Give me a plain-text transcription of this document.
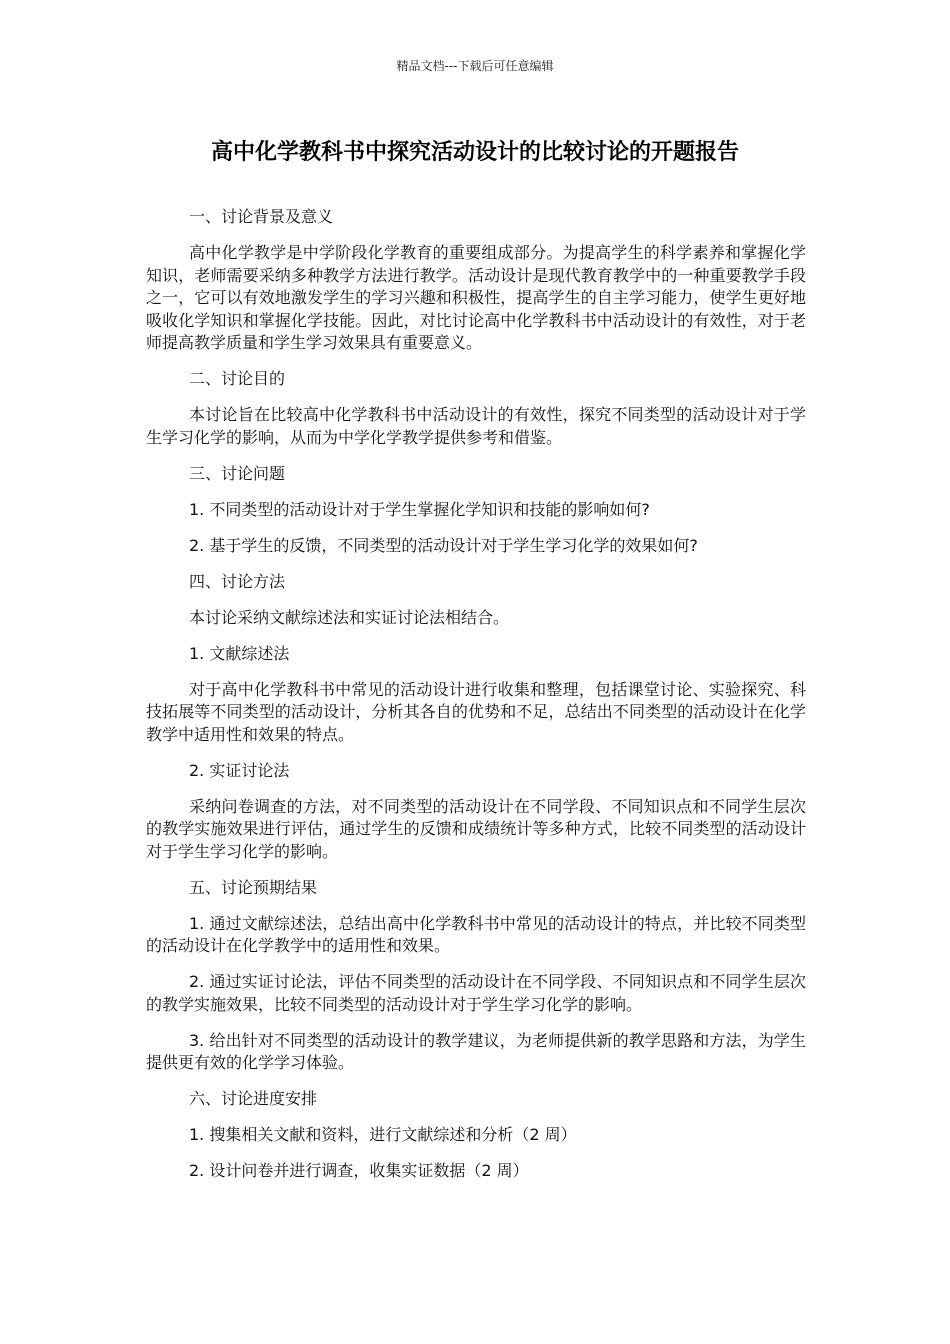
精品文档---下载后可任意编辑
高中化学教科书中探究活动设计的比较讨论的开题报告

一、讨论背景及意义

高中化学教学是中学阶段化学教育的重要组成部分。为提高学生的科学素养和掌握化学知识，老师需要采纳多种教学方法进行教学。活动设计是现代教育教学中的一种重要教学手段之一，它可以有效地激发学生的学习兴趣和积极性，提高学生的自主学习能力，使学生更好地吸收化学知识和掌握化学技能。因此，对比讨论高中化学教科书中活动设计的有效性，对于老师提高教学质量和学生学习效果具有重要意义。

二、讨论目的

本讨论旨在比较高中化学教科书中活动设计的有效性，探究不同类型的活动设计对于学生学习化学的影响，从而为中学化学教学提供参考和借鉴。

三、讨论问题

1. 不同类型的活动设计对于学生掌握化学知识和技能的影响如何?

2. 基于学生的反馈，不同类型的活动设计对于学生学习化学的效果如何?

四、讨论方法

本讨论采纳文献综述法和实证讨论法相结合。

1. 文献综述法

对于高中化学教科书中常见的活动设计进行收集和整理，包括课堂讨论、实验探究、科技拓展等不同类型的活动设计，分析其各自的优势和不足，总结出不同类型的活动设计在化学教学中适用性和效果的特点。

2. 实证讨论法

采纳问卷调查的方法，对不同类型的活动设计在不同学段、不同知识点和不同学生层次的教学实施效果进行评估，通过学生的反馈和成绩统计等多种方式，比较不同类型的活动设计对于学生学习化学的影响。

五、讨论预期结果

1. 通过文献综述法，总结出高中化学教科书中常见的活动设计的特点，并比较不同类型的活动设计在化学教学中的适用性和效果。

2. 通过实证讨论法，评估不同类型的活动设计在不同学段、不同知识点和不同学生层次的教学实施效果，比较不同类型的活动设计对于学生学习化学的影响。

3. 给出针对不同类型的活动设计的教学建议，为老师提供新的教学思路和方法，为学生提供更有效的化学学习体验。

六、讨论进度安排

1. 搜集相关文献和资料，进行文献综述和分析（2 周）

2. 设计问卷并进行调查，收集实证数据（2 周）
